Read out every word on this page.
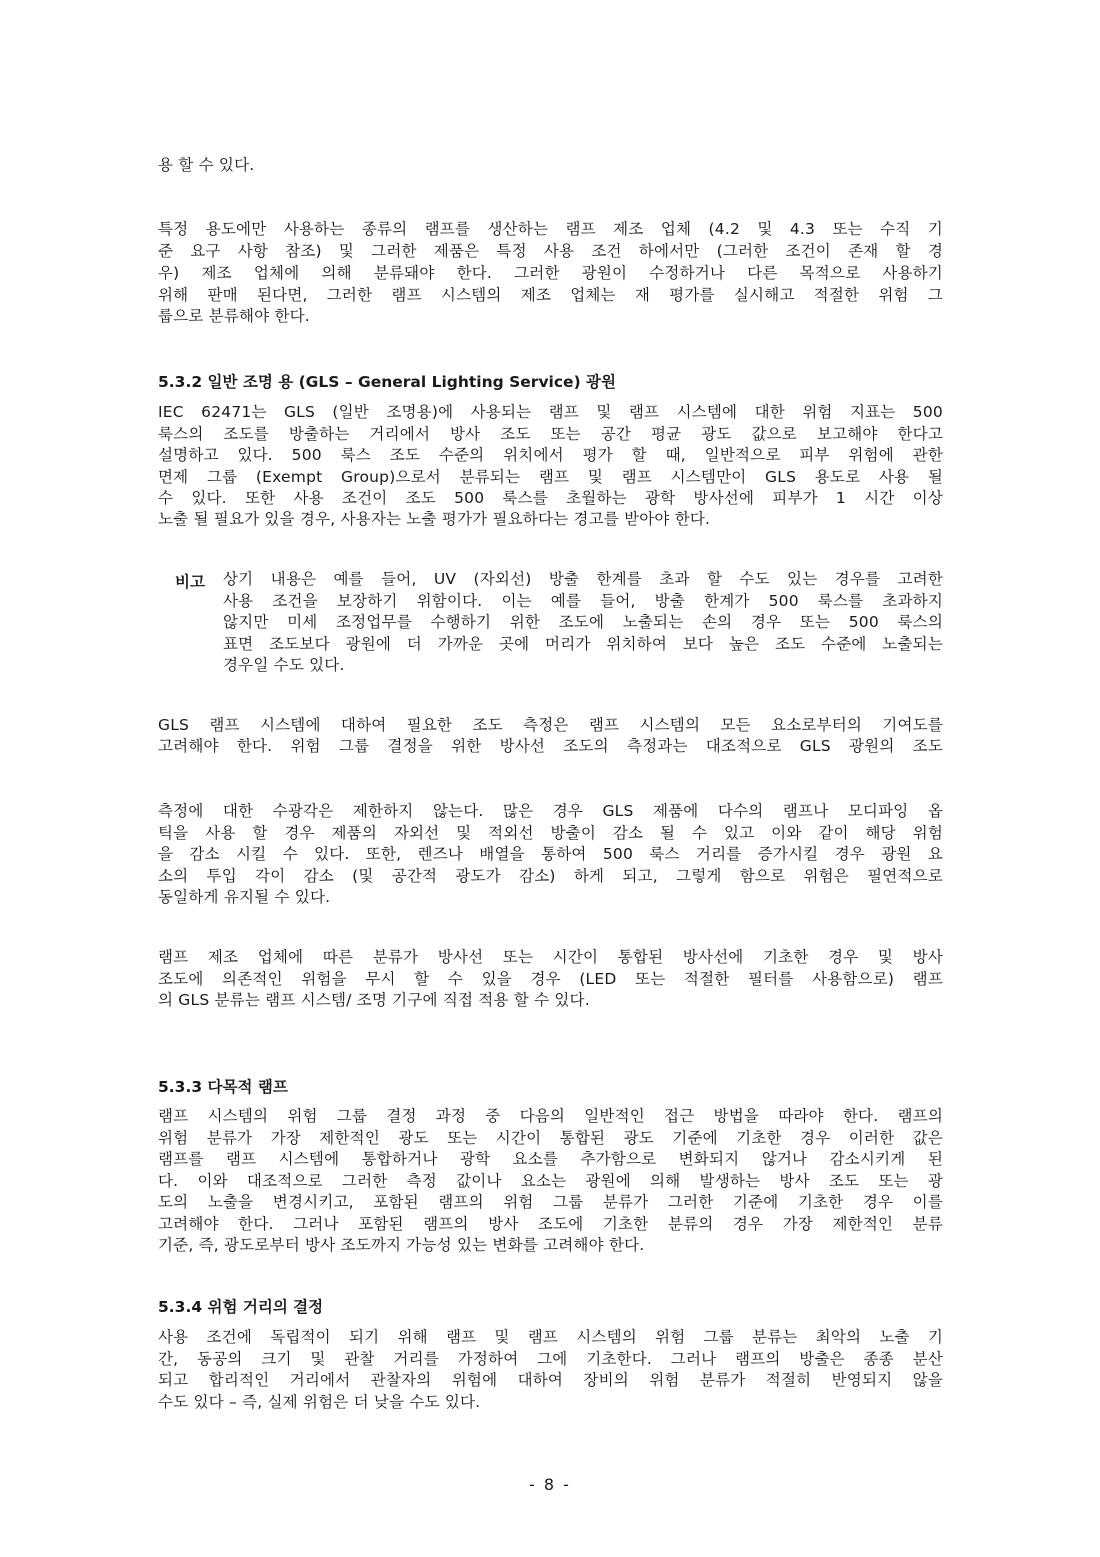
용 할 수 있다.
특정 용도에만 사용하는 종류의 램프를 생산하는 램프 제조 업체 (4.2 및 4.3 또는 수직 기
준 요구 사항 참조) 및 그러한 제품은 특정 사용 조건 하에서만 (그러한 조건이 존재 할 경
우) 제조 업체에 의해 분류돼야 한다. 그러한 광원이 수정하거나 다른 목적으로 사용하기
위해 판매 된다면, 그러한 램프 시스템의 제조 업체는 재 평가를 실시해고 적절한 위험 그
룹으로 분류해야 한다.
5.3.2 일반 조명 용 (GLS – General Lighting Service) 광원
IEC 62471는 GLS (일반 조명용)에 사용되는 램프 및 램프 시스템에 대한 위험 지표는 500
룩스의 조도를 방출하는 거리에서 방사 조도 또는 공간 평균 광도 값으로 보고해야 한다고
설명하고 있다. 500 룩스 조도 수준의 위치에서 평가 할 때, 일반적으로 피부 위험에 관한
면제 그룹 (Exempt Group)으로서 분류되는 램프 및 램프 시스템만이 GLS 용도로 사용 될
수 있다. 또한 사용 조건이 조도 500 룩스를 초월하는 광학 방사선에 피부가 1 시간 이상
노출 될 필요가 있을 경우, 사용자는 노출 평가가 필요하다는 경고를 받아야 한다.
비고 상기 내용은 예를 들어, UV (자외선) 방출 한계를 초과 할 수도 있는 경우를 고려한
사용 조건을 보장하기 위함이다. 이는 예를 들어, 방출 한계가 500 룩스를 초과하지
않지만 미세 조정업무를 수행하기 위한 조도에 노출되는 손의 경우 또는 500 룩스의
표면 조도보다 광원에 더 가까운 곳에 머리가 위치하여 보다 높은 조도 수준에 노출되는
경우일 수도 있다.
GLS 램프 시스템에 대하여 필요한 조도 측정은 램프 시스템의 모든 요소로부터의 기여도를
고려해야 한다. 위험 그룹 결정을 위한 방사선 조도의 측정과는 대조적으로 GLS 광원의 조도
측정에 대한 수광각은 제한하지 않는다. 많은 경우 GLS 제품에 다수의 램프나 모디파잉 옵
틱을 사용 할 경우 제품의 자외선 및 적외선 방출이 감소 될 수 있고 이와 같이 해당 위험
을 감소 시킬 수 있다. 또한, 렌즈나 배열을 통하여 500 룩스 거리를 증가시킬 경우 광원 요
소의 투입 각이 감소 (및 공간적 광도가 감소) 하게 되고, 그렇게 함으로 위험은 필연적으로
동일하게 유지될 수 있다.
램프 제조 업체에 따른 분류가 방사선 또는 시간이 통합된 방사선에 기초한 경우 및 방사
조도에 의존적인 위험을 무시 할 수 있을 경우 (LED 또는 적절한 필터를 사용함으로) 램프
의 GLS 분류는 램프 시스템/ 조명 기구에 직접 적용 할 수 있다.
5.3.3 다목적 램프
램프 시스템의 위험 그룹 결정 과정 중 다음의 일반적인 접근 방법을 따라야 한다. 램프의
위험 분류가 가장 제한적인 광도 또는 시간이 통합된 광도 기준에 기초한 경우 이러한 값은
램프를 램프 시스템에 통합하거나 광학 요소를 추가함으로 변화되지 않거나 감소시키게 된
다. 이와 대조적으로 그러한 측정 값이나 요소는 광원에 의해 발생하는 방사 조도 또는 광
도의 노출을 변경시키고, 포함된 램프의 위험 그룹 분류가 그러한 기준에 기초한 경우 이를
고려해야 한다. 그러나 포함된 램프의 방사 조도에 기초한 분류의 경우 가장 제한적인 분류
기준, 즉, 광도로부터 방사 조도까지 가능성 있는 변화를 고려해야 한다.
5.3.4 위험 거리의 결정
사용 조건에 독립적이 되기 위해 램프 및 램프 시스템의 위험 그룹 분류는 최악의 노출 기
간, 동공의 크기 및 관찰 거리를 가정하여 그에 기초한다. 그러나 램프의 방출은 종종 분산
되고 합리적인 거리에서 관찰자의 위험에 대하여 장비의 위험 분류가 적절히 반영되지 않을
수도 있다 – 즉, 실제 위험은 더 낮을 수도 있다.
- 8 -
